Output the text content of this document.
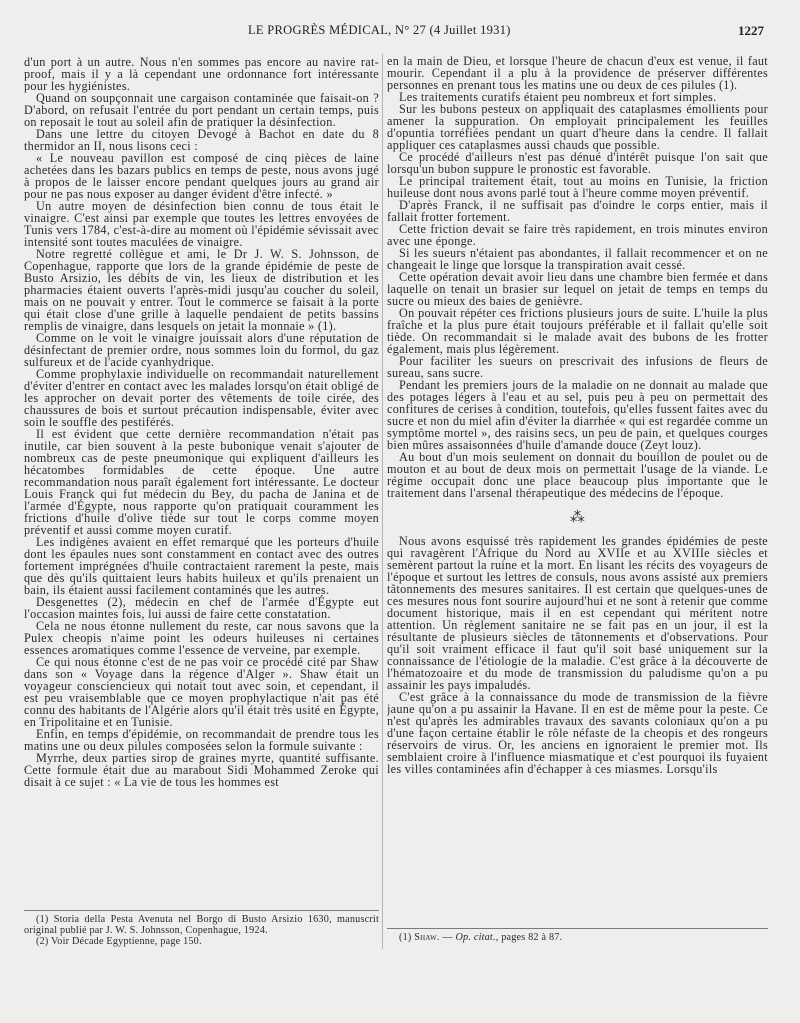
LE PROGRÈS MÉDICAL, N° 27 (4 Juillet 1931)	1227

d'un port à un autre. Nous n'en sommes pas encore au navire rat-proof, mais il y a là cependant une ordonnance fort intéressante pour les hygiénistes.

Quand on soupçonnait une cargaison contaminée que faisait-on ? D'abord, on refusait l'entrée du port pendant un certain temps, puis on reposait le tout au soleil afin de pratiquer la désinfection.

Dans une lettre du citoyen Devogé à Bachot en date du 8 thermidor an II, nous lisons ceci :

« Le nouveau pavillon est composé de cinq pièces de laine achetées dans les bazars publics en temps de peste, nous avons jugé à propos de le laisser encore pendant quelques jours au grand air pour ne pas nous exposer au danger évident d'être infecté. »

Un autre moyen de désinfection bien connu de tous était le vinaigre. C'est ainsi par exemple que toutes les lettres envoyées de Tunis vers 1784, c'est-à-dire au moment où l'épidémie sévissait avec intensité sont toutes maculées de vinaigre.

Notre regretté collègue et ami, le Dr J. W. S. Johnsson, de Copenhague, rapporte que lors de la grande épidémie de peste de Busto Arsizio, les débits de vin, les lieux de distribution et les pharmacies étaient ouverts l'après-midi jusqu'au coucher du soleil, mais on ne pouvait y entrer. Tout le commerce se faisait à la porte qui était close d'une grille à laquelle pendaient de petits bassins remplis de vinaigre, dans lesquels on jetait la monnaie » (1).

Comme on le voit le vinaigre jouissait alors d'une réputation de désinfectant de premier ordre, nous sommes loin du formol, du gaz sulfureux et de l'acide cyanhydrique.

Comme prophylaxie individuelle on recommandait naturellement d'éviter d'entrer en contact avec les malades lorsqu'on était obligé de les approcher on devait porter des vêtements de toile cirée, des chaussures de bois et surtout précaution indispensable, éviter avec soin le souffle des pestiférés.

Il est évident que cette dernière recommandation n'était pas inutile, car bien souvent à la peste bubonique venait s'ajouter de nombreux cas de peste pneumonique qui expliquent d'ailleurs les hécatombes formidables de cette époque. Une autre recommandation nous paraît également fort intéressante. Le docteur Louis Franck qui fut médecin du Bey, du pacha de Janina et de l'armée d'Égypte, nous rapporte qu'on pratiquait couramment les frictions d'huile d'olive tiède sur tout le corps comme moyen préventif et aussi comme moyen curatif.

Les indigènes avaient en effet remarqué que les porteurs d'huile dont les épaules nues sont constamment en contact avec des outres fortement imprégnées d'huile contractaient rarement la peste, mais que dès qu'ils quittaient leurs habits huileux et qu'ils prenaient un bain, ils étaient aussi facilement contaminés que les autres.

Desgenettes (2), médecin en chef de l'armée d'Égypte eut l'occasion maintes fois, lui aussi de faire cette constatation.

Cela ne nous étonne nullement du reste, car nous savons que la Pulex cheopis n'aime point les odeurs huileuses ni certaines essences aromatiques comme l'essence de verveine, par exemple.

Ce qui nous étonne c'est de ne pas voir ce procédé cité par Shaw dans son « Voyage dans la régence d'Alger ». Shaw était un voyageur consciencieux qui notait tout avec soin, et cependant, il est peu vraisemblable que ce moyen prophylactique n'ait pas été connu des habitants de l'Algérie alors qu'il était très usité en Égypte, en Tripolitaine et en Tunisie.

Enfin, en temps d'épidémie, on recommandait de prendre tous les matins une ou deux pilules composées selon la formule suivante :

Myrrhe, deux parties sirop de graines myrte, quantité suffisante. Cette formule était due au marabout Sidi Mohammed Zeroke qui disait à ce sujet : « La vie de tous les hommes est

(1) Storia della Pesta Avenuta nel Borgo di Busto Arsizio 1630, manuscrit original publié par J. W. S. Johnsson, Copenhague, 1924.

(2) Voir Décade Egyptienne, page 150.

en la main de Dieu, et lorsque l'heure de chacun d'eux est venue, il faut mourir. Cependant il a plu à la providence de préserver différentes personnes en prenant tous les matins une ou deux de ces pilules (1).

Les traitements curatifs étaient peu nombreux et fort simples.

Sur les bubons pesteux on appliquait des cataplasmes émollients pour amener la suppuration. On employait principalement les feuilles d'opuntia torréfiées pendant un quart d'heure dans la cendre. Il fallait appliquer ces cataplasmes aussi chauds que possible.

Ce procédé d'ailleurs n'est pas dénué d'intérêt puisque l'on sait que lorsqu'un bubon suppure le pronostic est favorable.

Le principal traitement était, tout au moins en Tunisie, la friction huileuse dont nous avons parlé tout à l'heure comme moyen préventif.

D'après Franck, il ne suffisait pas d'oindre le corps entier, mais il fallait frotter fortement.

Cette friction devait se faire très rapidement, en trois minutes environ avec une éponge.

Si les sueurs n'étaient pas abondantes, il fallait recommencer et on ne changeait le linge que lorsque la transpiration avait cessé.

Cette opération devait avoir lieu dans une chambre bien fermée et dans laquelle on tenait un brasier sur lequel on jetait de temps en temps du sucre ou mieux des baies de genièvre.

On pouvait répéter ces frictions plusieurs jours de suite. L'huile la plus fraîche et la plus pure était toujours préférable et il fallait qu'elle soit tiède. On recommandait si le malade avait des bubons de les frotter également, mais plus légèrement.

Pour faciliter les sueurs on prescrivait des infusions de fleurs de sureau, sans sucre.

Pendant les premiers jours de la maladie on ne donnait au malade que des potages légers à l'eau et au sel, puis peu à peu on permettait des confitures de cerises à condition, toutefois, qu'elles fussent faites avec du sucre et non du miel afin d'éviter la diarrhée « qui est regardée comme un symptôme mortel », des raisins secs, un peu de pain, et quelques courges bien mûres assaisonnées d'huile d'amande douce (Zeyt louz).

Au bout d'un mois seulement on donnait du bouillon de poulet ou de mouton et au bout de deux mois on permettait l'usage de la viande. Le régime occupait donc une place beaucoup plus importante que le traitement dans l'arsenal thérapeutique des médecins de l'époque.

⁂

Nous avons esquissé très rapidement les grandes épidémies de peste qui ravagèrent l'Afrique du Nord au XVIIe et au XVIIIe siècles et semèrent partout la ruine et la mort. En lisant les récits des voyageurs de l'époque et surtout les lettres de consuls, nous avons assisté aux premiers tâtonnements des mesures sanitaires. Il est certain que quelques-unes de ces mesures nous font sourire aujourd'hui et ne sont à retenir que comme document historique, mais il en est cependant qui méritent notre attention. Un règlement sanitaire ne se fait pas en un jour, il est la résultante de plusieurs siècles de tâtonnements et d'observations. Pour qu'il soit vraiment efficace il faut qu'il soit basé uniquement sur la connaissance de l'étiologie de la maladie. C'est grâce à la découverte de l'hématozoaire et du mode de transmission du paludisme qu'on a pu assainir les pays impaludés.

C'est grâce à la connaissance du mode de transmission de la fièvre jaune qu'on a pu assainir la Havane. Il en est de même pour la peste. Ce n'est qu'après les admirables travaux des savants coloniaux qu'on a pu d'une façon certaine établir le rôle néfaste de la cheopis et des rongeurs réservoirs de virus. Or, les anciens en ignoraient le premier mot. Ils semblaient croire à l'influence miasmatique et c'est pourquoi ils fuyaient les villes contaminées afin d'échapper à ces miasmes. Lorsqu'ils

(1) Shaw. — Op. citat., pages 82 à 87.
